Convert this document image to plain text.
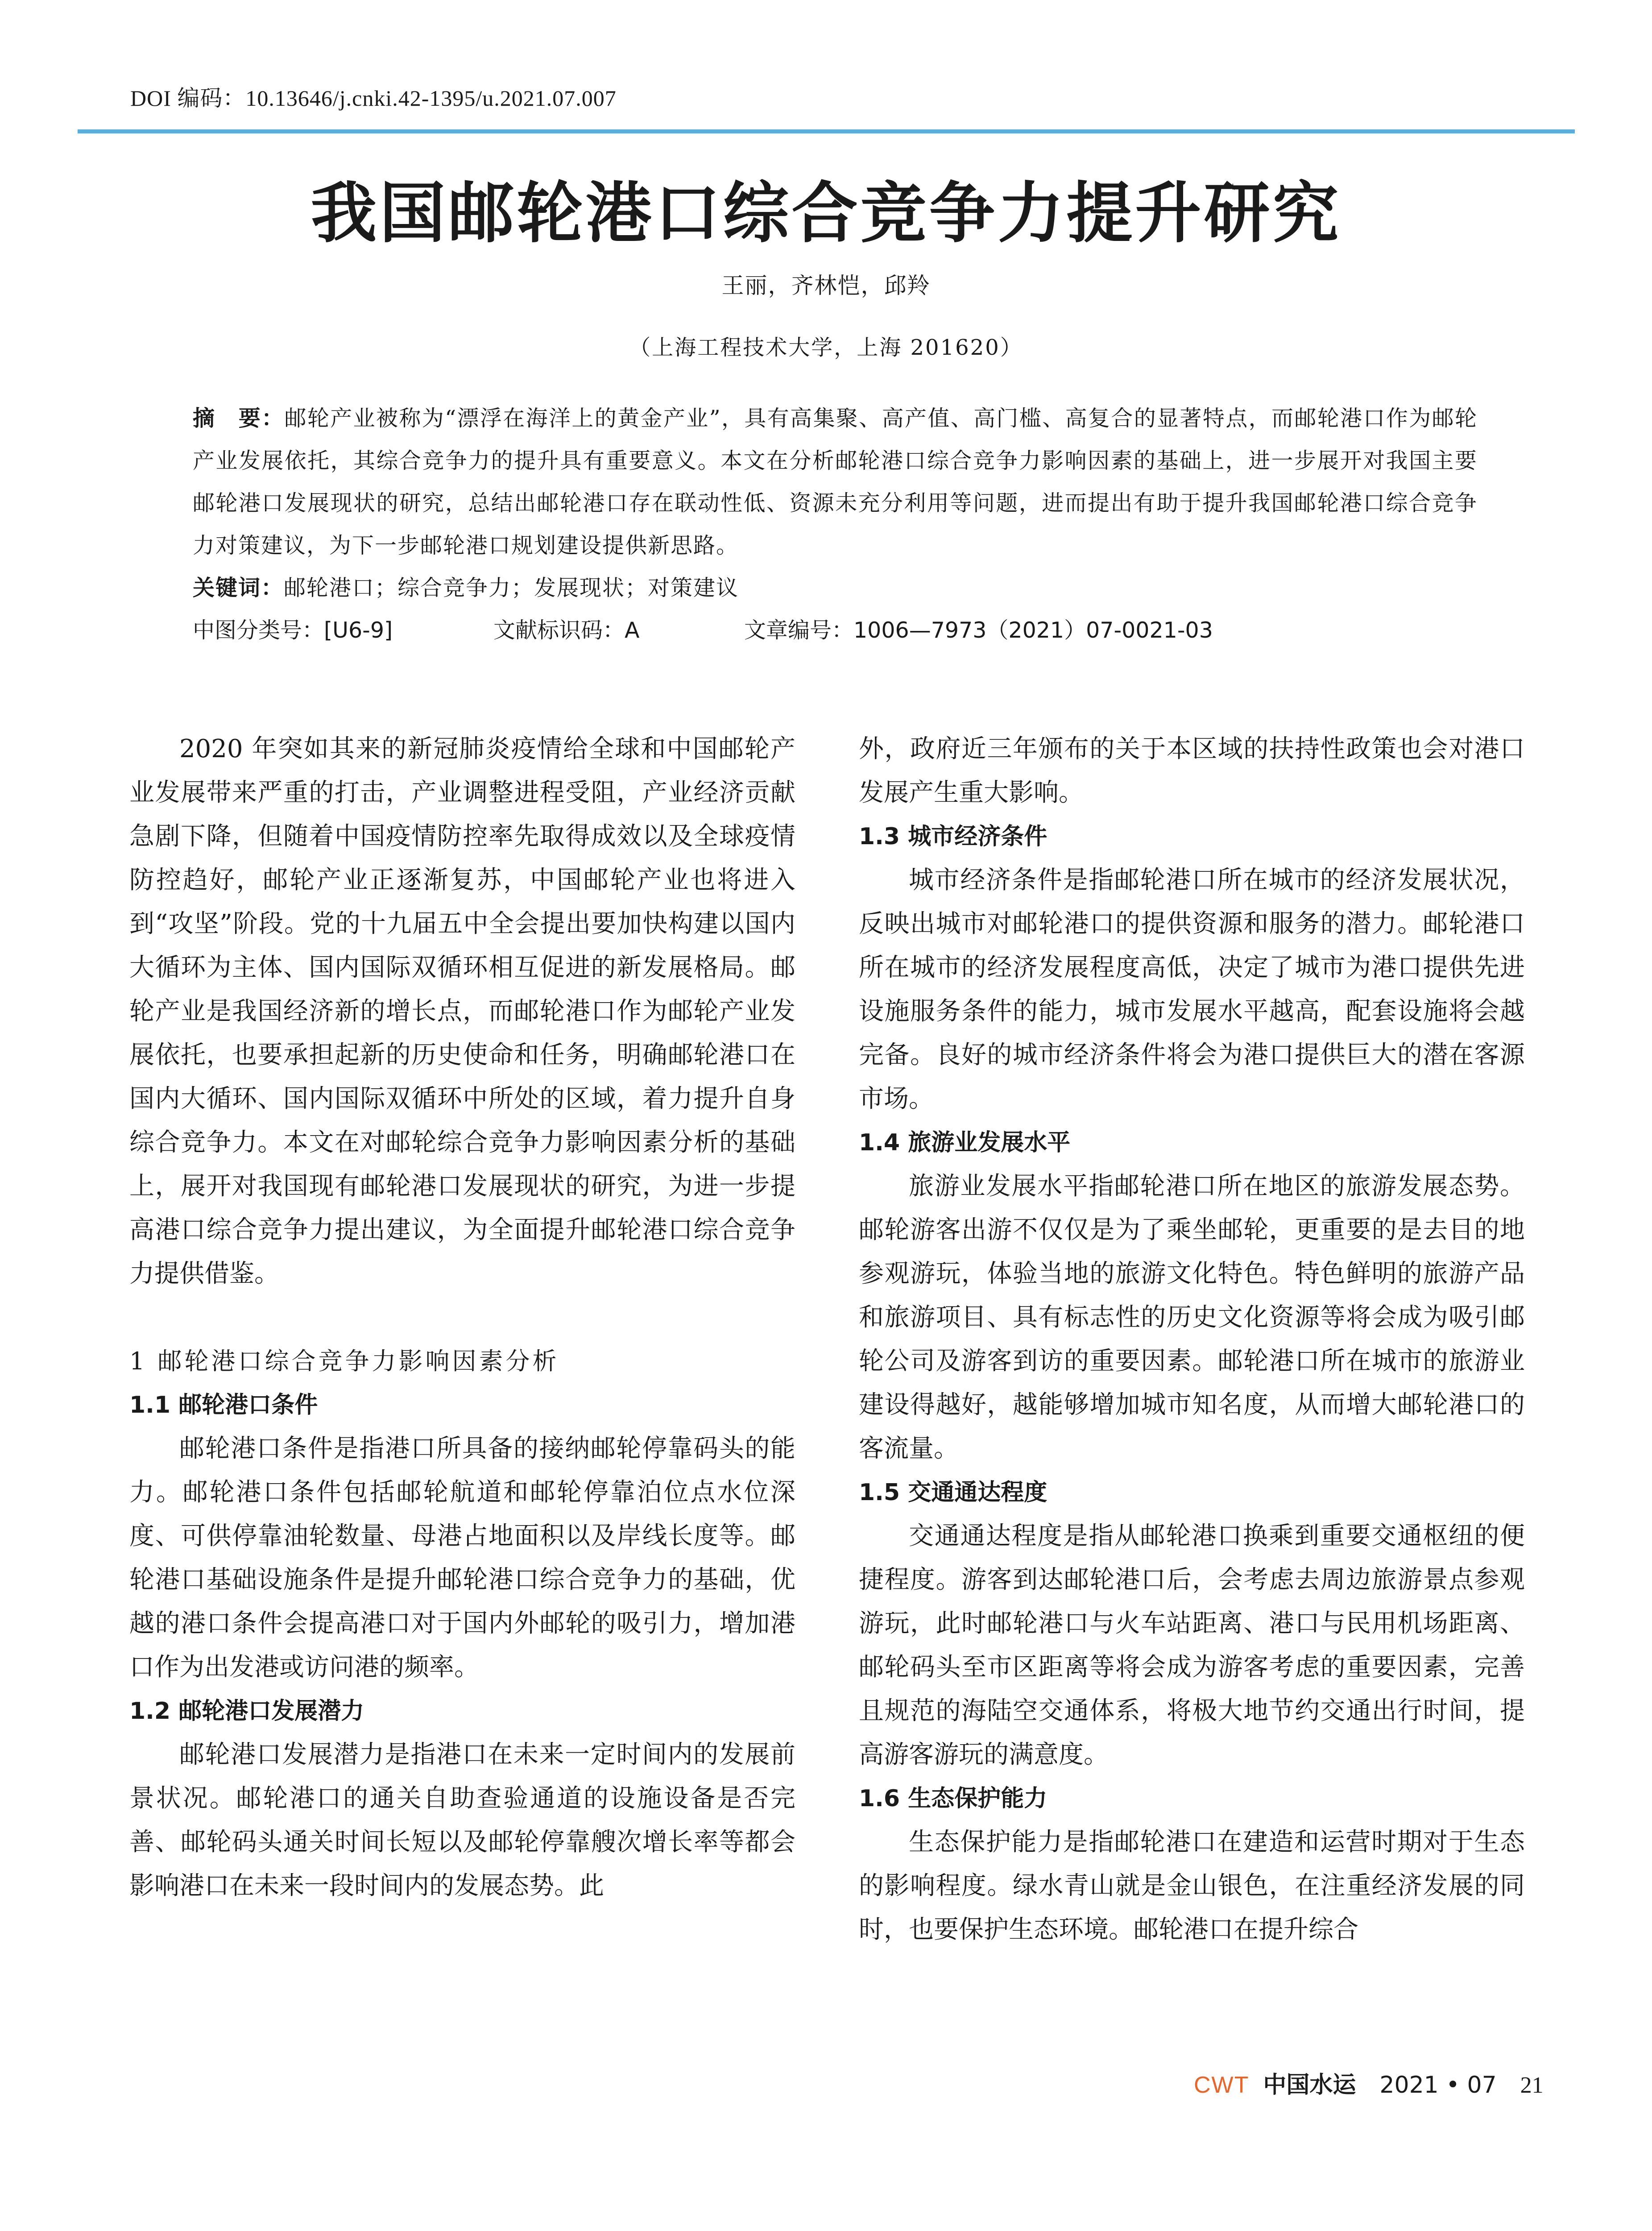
DOI 编码：10.13646/j.cnki.42-1395/u.2021.07.007
我国邮轮港口综合竞争力提升研究
王丽，齐林恺，邱羚
（上海工程技术大学，上海 201620）
摘　要：邮轮产业被称为“漂浮在海洋上的黄金产业”，具有高集聚、高产值、高门槛、高复合的显著特点，而邮轮港口作为邮轮产业发展依托，其综合竞争力的提升具有重要意义。本文在分析邮轮港口综合竞争力影响因素的基础上，进一步展开对我国主要邮轮港口发展现状的研究，总结出邮轮港口存在联动性低、资源未充分利用等问题，进而提出有助于提升我国邮轮港口综合竞争力对策建议，为下一步邮轮港口规划建设提供新思路。
关键词：邮轮港口；综合竞争力；发展现状；对策建议
中图分类号：[U6-9]	文献标识码：A	文章编号：1006—7973（2021）07-0021-03

2020 年突如其来的新冠肺炎疫情给全球和中国邮轮产业发展带来严重的打击，产业调整进程受阻，产业经济贡献急剧下降，但随着中国疫情防控率先取得成效以及全球疫情防控趋好，邮轮产业正逐渐复苏，中国邮轮产业也将进入到“攻坚”阶段。党的十九届五中全会提出要加快构建以国内大循环为主体、国内国际双循环相互促进的新发展格局。邮轮产业是我国经济新的增长点，而邮轮港口作为邮轮产业发展依托，也要承担起新的历史使命和任务，明确邮轮港口在国内大循环、国内国际双循环中所处的区域，着力提升自身综合竞争力。本文在对邮轮综合竞争力影响因素分析的基础上，展开对我国现有邮轮港口发展现状的研究，为进一步提高港口综合竞争力提出建议，为全面提升邮轮港口综合竞争力提供借鉴。

1 邮轮港口综合竞争力影响因素分析
1.1 邮轮港口条件

邮轮港口条件是指港口所具备的接纳邮轮停靠码头的能力。邮轮港口条件包括邮轮航道和邮轮停靠泊位点水位深度、可供停靠油轮数量、母港占地面积以及岸线长度等。邮轮港口基础设施条件是提升邮轮港口综合竞争力的基础，优越的港口条件会提高港口对于国内外邮轮的吸引力，增加港口作为出发港或访问港的频率。

1.2 邮轮港口发展潜力

邮轮港口发展潜力是指港口在未来一定时间内的发展前景状况。邮轮港口的通关自助查验通道的设施设备是否完善、邮轮码头通关时间长短以及邮轮停靠艘次增长率等都会影响港口在未来一段时间内的发展态势。此

外，政府近三年颁布的关于本区域的扶持性政策也会对港口发展产生重大影响。

1.3 城市经济条件

城市经济条件是指邮轮港口所在城市的经济发展状况，反映出城市对邮轮港口的提供资源和服务的潜力。邮轮港口所在城市的经济发展程度高低，决定了城市为港口提供先进设施服务条件的能力，城市发展水平越高，配套设施将会越完备。良好的城市经济条件将会为港口提供巨大的潜在客源市场。

1.4 旅游业发展水平

旅游业发展水平指邮轮港口所在地区的旅游发展态势。邮轮游客出游不仅仅是为了乘坐邮轮，更重要的是去目的地参观游玩，体验当地的旅游文化特色。特色鲜明的旅游产品和旅游项目、具有标志性的历史文化资源等将会成为吸引邮轮公司及游客到访的重要因素。邮轮港口所在城市的旅游业建设得越好，越能够增加城市知名度，从而增大邮轮港口的客流量。

1.5 交通通达程度

交通通达程度是指从邮轮港口换乘到重要交通枢纽的便捷程度。游客到达邮轮港口后，会考虑去周边旅游景点参观游玩，此时邮轮港口与火车站距离、港口与民用机场距离、邮轮码头至市区距离等将会成为游客考虑的重要因素，完善且规范的海陆空交通体系，将极大地节约交通出行时间，提高游客游玩的满意度。

1.6 生态保护能力

生态保护能力是指邮轮港口在建造和运营时期对于生态的影响程度。绿水青山就是金山银色，在注重经济发展的同时，也要保护生态环境。邮轮港口在提升综合

CWT 中国水运 2021 • 07 21
